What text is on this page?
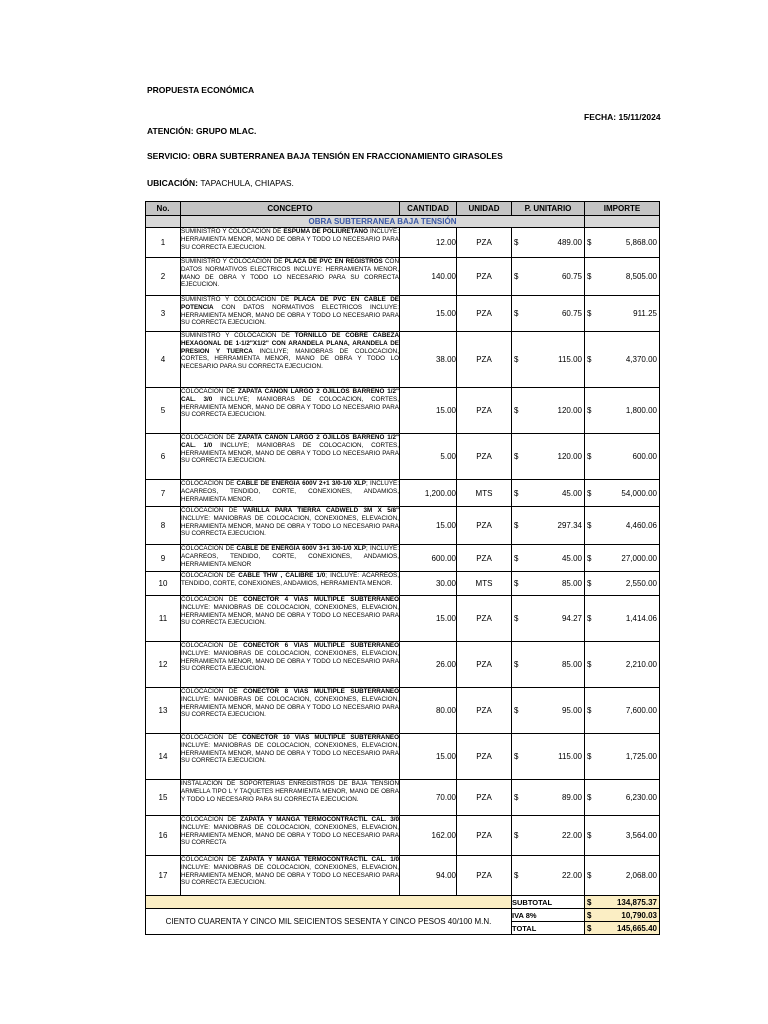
PROPUESTA ECONÓMICA
FECHA: 15/11/2024
ATENCIÓN: GRUPO MLAC.
SERVICIO: OBRA SUBTERRANEA BAJA TENSIÓN EN FRACCIONAMIENTO GIRASOLES
UBICACIÓN: TAPACHULA, CHIAPAS.
No.	CONCEPTO	CANTIDAD	UNIDAD	P. UNITARIO	IMPORTE
	OBRA SUBTERRANEA BAJA TENSIÓN				
1	SUMINISTRO Y COLOCACIÓN DE ESPUMA DE POLIURETANO INCLUYE: HERRAMIENTA MENOR, MANO DE OBRA Y TODO LO NECESARIO PARA SU CORRECTA EJECUCION.	12.00	PZA	$ 489.00	$ 5,868.00

2	SUMINISTRO Y COLOCACIÓN DE PLACA DE PVC EN REGISTROS CON DATOS NORMATIVOS ELECTRICOS INCLUYE: HERRAMIENTA MENOR, MANO DE OBRA Y TODO LO NECESARIO PARA SU CORRECTA EJECUCION.	140.00	PZA	$ 60.75	$ 8,505.00

3	SUMINISTRO Y COLOCACIÓN DE PLACA DE PVC EN CABLE DE POTENCIA CON DATOS NORMATIVOS ELECTRICOS INCLUYE: HERRAMIENTA MENOR, MANO DE OBRA Y TODO LO NECESARIO PARA SU CORRECTA EJECUCION.	15.00	PZA	$ 60.75	$ 911.25

4	SUMINISTRO Y COLOCACIÓN DE TORNILLO DE COBRE CABEZA HEXAGONAL DE 1-1/2"X1/2" CON ARANDELA PLANA, ARANDELA DE PRESION Y TUERCA INCLUYE; MANIOBRAS DE COLOCACION, CORTES, HERRAMIENTA MENOR, MANO DE OBRA Y TODO LO NECESARIO PARA SU CORRECTA EJECUCION.	38.00	PZA	$ 115.00	$ 4,370.00

5	COLOCACIÓN DE ZAPATA CAÑON LARGO 2 OJILLOS BARRENO 1/2" CAL. 3/0 INCLUYE; MANIOBRAS DE COLOCACION, CORTES, HERRAMIENTA MENOR, MANO DE OBRA Y TODO LO NECESARIO PARA SU CORRECTA EJECUCION.	15.00	PZA	$ 120.00	$ 1,800.00

6	COLOCACIÓN DE ZAPATA CAÑON LARGO 2 OJILLOS BARRENO 1/2" CAL. 1/0 INCLUYE; MANIOBRAS DE COLOCACION, CORTES, HERRAMIENTA MENOR, MANO DE OBRA Y TODO LO NECESARIO PARA SU CORRECTA EJECUCION.	5.00	PZA	$ 120.00	$ 600.00

7	COLOCACION DE CABLE DE ENERGÍA 600V 2+1 3/0-1/0 XLP; INCLUYE: ACARREOS, TENDIDO, CORTE, CONEXIONES, ANDAMIOS, HERRAMIENTA MENOR.	1,200.00	MTS	$ 45.00	$ 54,000.00

8	COLOCACION DE VARILLA PARA TIERRA CADWELD 3M X 5/8" INCLUYE: MANIOBRAS DE COLOCACION, CONEXIONES, ELEVACION, HERRAMIENTA MENOR, MANO DE OBRA Y TODO LO NECESARIO PARA SU CORRECTA EJECUCION.	15.00	PZA	$ 297.34	$ 4,460.06

9	COLOCACION DE CABLE DE ENERGÍA 600V 3+1 3/0-1/0 XLP; INCLUYE: ACARREOS, TENDIDO, CORTE, CONEXIONES, ANDAMIOS, HERRAMIENTA MENOR	600.00	PZA	$ 45.00	$ 27,000.00

10	COLOCACION DE CABLE THW , CALIBRE 1/0; INCLUYE: ACARREOS, TENDIDO, CORTE, CONEXIONES, ANDAMIOS, HERRAMIENTA MENOR.	30.00	MTS	$ 85.00	$ 2,550.00

11	COLOCACIÓN DE CONECTOR 4 VIAS MULTIPLE SUBTERRANEO INCLUYE: MANIOBRAS DE COLOCACION, CONEXIONES, ELEVACION, HERRAMIENTA MENOR, MANO DE OBRA Y TODO LO NECESARIO PARA SU CORRECTA EJECUCION.	15.00	PZA	$ 94.27	$ 1,414.06

12	COLOCACIÓN DE CONECTOR 6 VIAS MULTIPLE SUBTERRANEO INCLUYE: MANIOBRAS DE COLOCACION, CONEXIONES, ELEVACION, HERRAMIENTA MENOR, MANO DE OBRA Y TODO LO NECESARIO PARA SU CORRECTA EJECUCION.	26.00	PZA	$ 85.00	$ 2,210.00

13	COLOCACIÓN DE CONECTOR 8 VIAS MULTIPLE SUBTERRANEO INCLUYE: MANIOBRAS DE COLOCACION, CONEXIONES, ELEVACION, HERRAMIENTA MENOR, MANO DE OBRA Y TODO LO NECESARIO PARA SU CORRECTA EJECUCION.	80.00	PZA	$ 95.00	$ 7,600.00

14	COLOCACIÓN DE CONECTOR 10 VIAS MULTIPLE SUBTERRANEO INCLUYE: MANIOBRAS DE COLOCACION, CONEXIONES, ELEVACION, HERRAMIENTA MENOR, MANO DE OBRA Y TODO LO NECESARIO PARA SU CORRECTA EJECUCION.	15.00	PZA	$ 115.00	$ 1,725.00

15	INSTALACION DE SOPORTERIAS ENREGISTROS DE BAJA TENSION ARMELLA TIPO L Y TAQUETES HERRAMIENTA MENOR, MANO DE OBRA Y TODO LO NECESARIO PARA SU CORRECTA EJECUCION.	70.00	PZA	$ 89.00	$ 6,230.00

16	COLOCACIÓN DE ZAPATA Y MANGA TERMOCONTRACTIL CAL. 3/0 INCLUYE: MANIOBRAS DE COLOCACION, CONEXIONES, ELEVACION, HERRAMIENTA MENOR, MANO DE OBRA Y TODO LO NECESARIO PARA SU CORRECTA	162.00	PZA	$ 22.00	$ 3,564.00

17	COLOCACIÓN DE ZAPATA Y MANGA TERMOCONTRACTIL CAL. 1/0 INCLUYE: MANIOBRAS DE COLOCACION, CONEXIONES, ELEVACION, HERRAMIENTA MENOR, MANO DE OBRA Y TODO LO NECESARIO PARA SU CORRECTA EJECUCION.	94.00	PZA	$ 22.00	$ 2,068.00

				SUBTOTAL	$ 134,875.37

CIENTO CUARENTA Y CINCO MIL SEICIENTOS SESENTA Y CINCO PESOS 40/100 M.N.				IVA 8%	$ 10,790.03

				TOTAL	$ 145,665.40
